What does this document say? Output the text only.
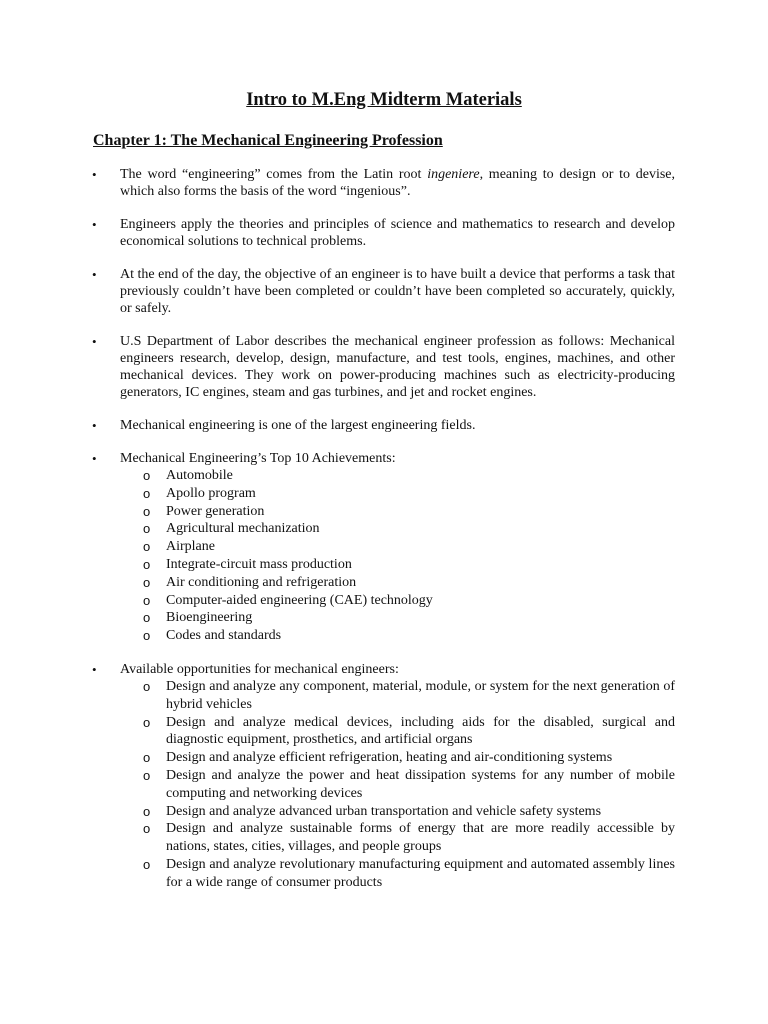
Intro to M.Eng Midterm Materials
Chapter 1: The Mechanical Engineering Profession
• The word “engineering” comes from the Latin root ingeniere, meaning to design or to devise, which also forms the basis of the word “ingenious”.
• Engineers apply the theories and principles of science and mathematics to research and develop economical solutions to technical problems.
• At the end of the day, the objective of an engineer is to have built a device that performs a task that previously couldn’t have been completed or couldn’t have been completed so accurately, quickly, or safely.
• U.S Department of Labor describes the mechanical engineer profession as follows: Mechanical engineers research, develop, design, manufacture, and test tools, engines, machines, and other mechanical devices. They work on power-producing machines such as electricity-producing generators, IC engines, steam and gas turbines, and jet and rocket engines.
• Mechanical engineering is one of the largest engineering fields.
• Mechanical Engineering’s Top 10 Achievements:
o Automobile
o Apollo program
o Power generation
o Agricultural mechanization
o Airplane
o Integrate-circuit mass production
o Air conditioning and refrigeration
o Computer-aided engineering (CAE) technology
o Bioengineering
o Codes and standards
• Available opportunities for mechanical engineers:
o Design and analyze any component, material, module, or system for the next generation of hybrid vehicles
o Design and analyze medical devices, including aids for the disabled, surgical and diagnostic equipment, prosthetics, and artificial organs
o Design and analyze efficient refrigeration, heating and air-conditioning systems
o Design and analyze the power and heat dissipation systems for any number of mobile computing and networking devices
o Design and analyze advanced urban transportation and vehicle safety systems
o Design and analyze sustainable forms of energy that are more readily accessible by nations, states, cities, villages, and people groups
o Design and analyze revolutionary manufacturing equipment and automated assembly lines for a wide range of consumer products
